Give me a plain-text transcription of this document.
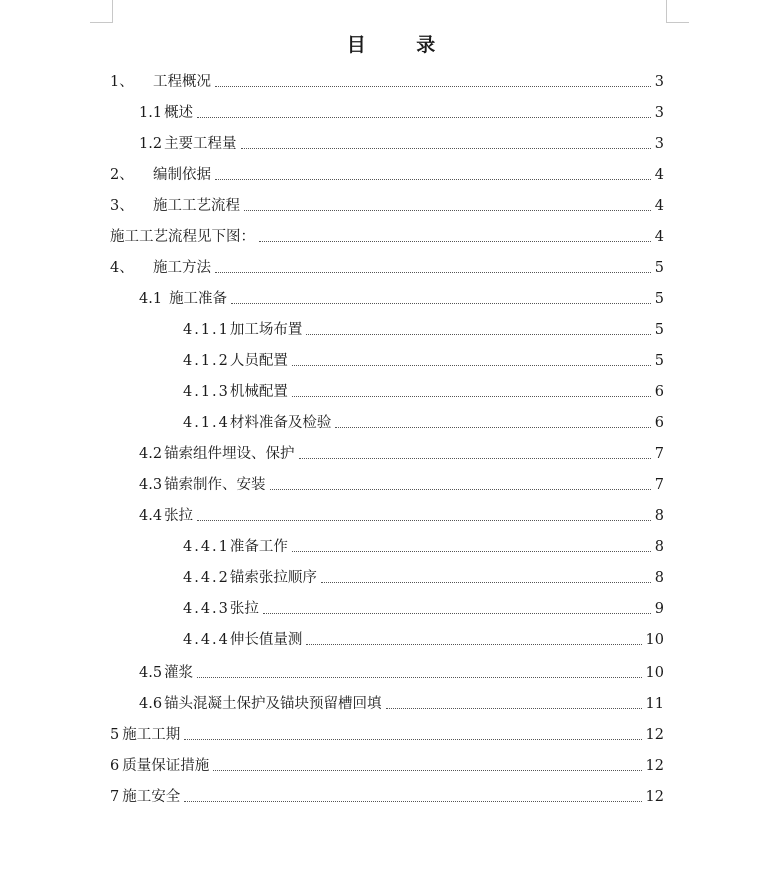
目 录
1、	工程概况	3
1.1 概述	3
1.2 主要工程量	3
2、	编制依据	4
3、	施工工艺流程	4
施工工艺流程见下图：	4
4、	施工方法	5
4.1 施工准备	5
4.1.1 加工场布置	5
4.1.2 人员配置	5
4.1.3 机械配置	6
4.1.4 材料准备及检验	6
4.2 锚索组件埋设、保护	7
4.3 锚索制作、安装	7
4.4 张拉	8
4.4.1 准备工作	8
4.4.2 锚索张拉顺序	8
4.4.3 张拉	9
4.4.4 伸长值量测	10
4.5 灌浆	10
4.6 锚头混凝土保护及锚块预留槽回填	11
5 施工工期	12
6 质量保证措施	12
7 施工安全	12
